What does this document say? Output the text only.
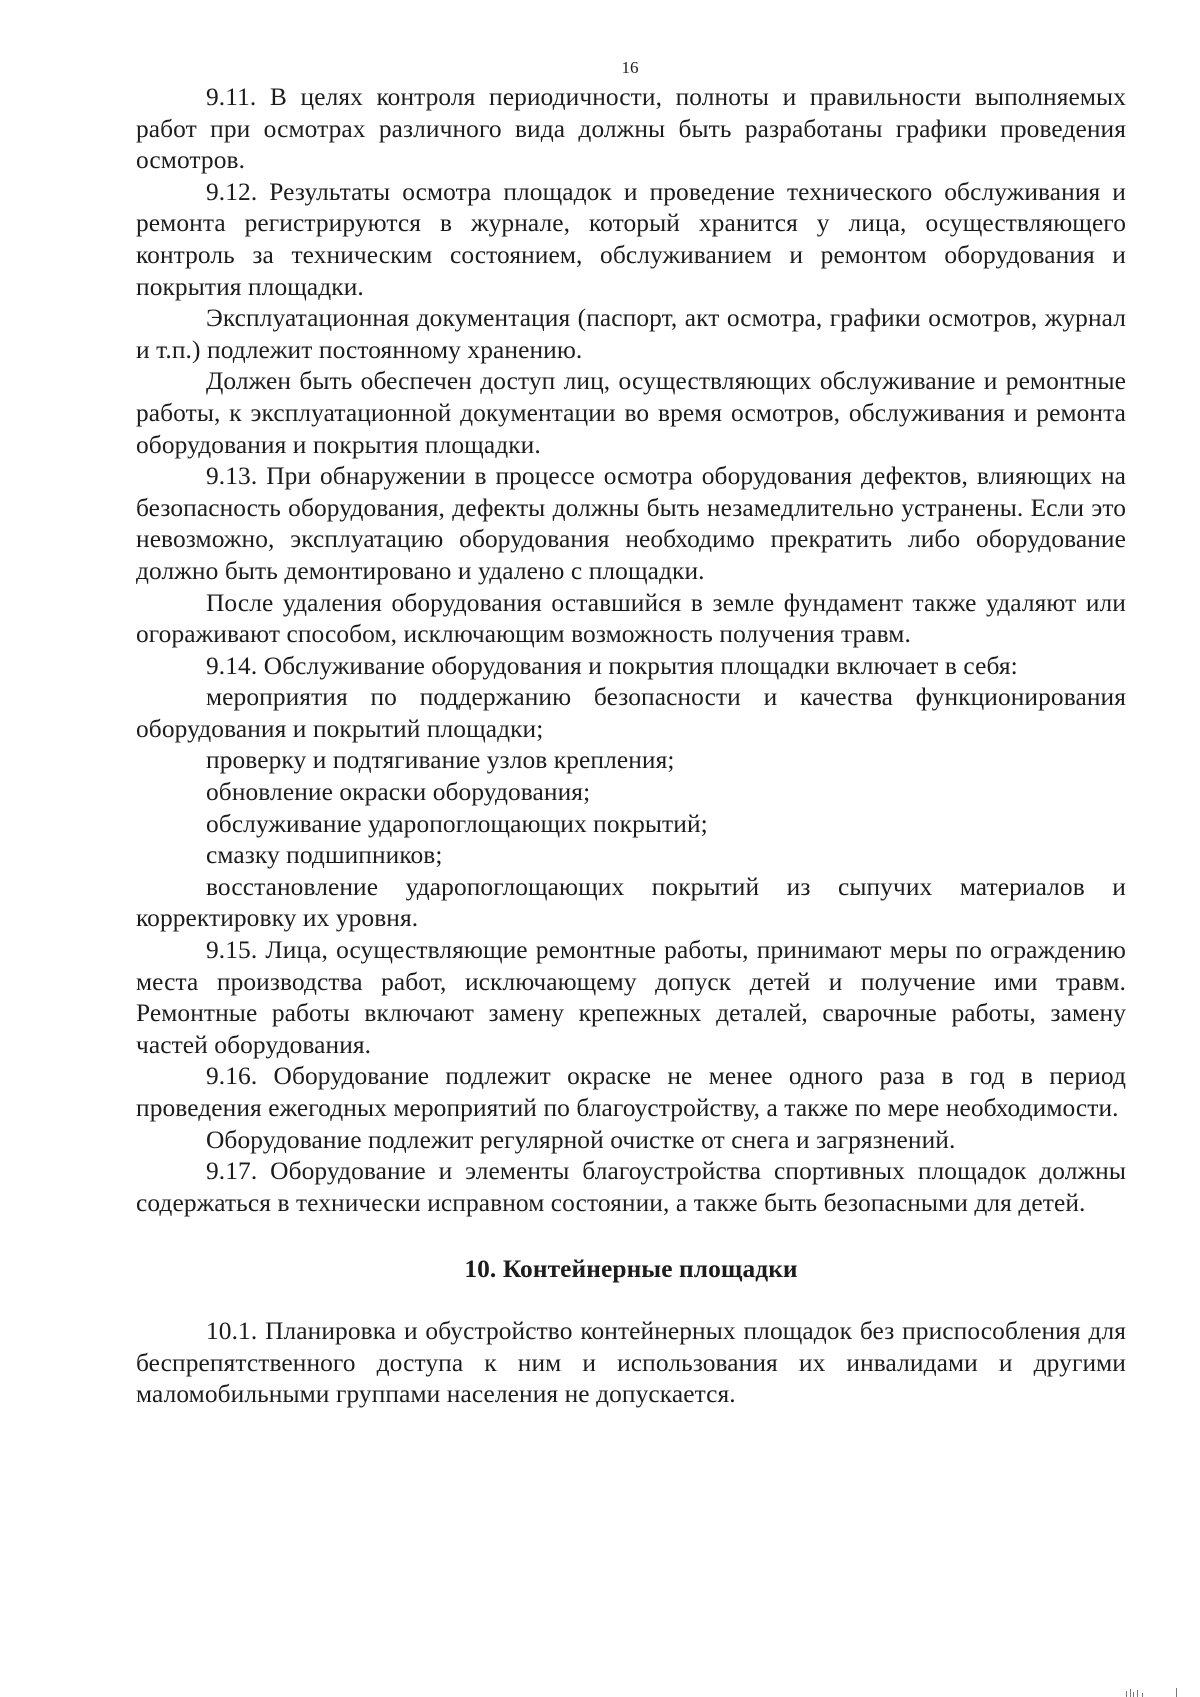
16

9.11. В целях контроля периодичности, полноты и правильности выполняемых работ при осмотрах различного вида должны быть разработаны графики проведения осмотров.

9.12. Результаты осмотра площадок и проведение технического обслуживания и ремонта регистрируются в журнале, который хранится у лица, осуществляющего контроль за техническим состоянием, обслуживанием и ремонтом оборудования и покрытия площадки.

Эксплуатационная документация (паспорт, акт осмотра, графики осмотров, журнал и т.п.) подлежит постоянному хранению.

Должен быть обеспечен доступ лиц, осуществляющих обслуживание и ремонтные работы, к эксплуатационной документации во время осмотров, обслуживания и ремонта оборудования и покрытия площадки.

9.13. При обнаружении в процессе осмотра оборудования дефектов, влияющих на безопасность оборудования, дефекты должны быть незамедлительно устранены. Если это невозможно, эксплуатацию оборудования необходимо прекратить либо оборудование должно быть демонтировано и удалено с площадки.

После удаления оборудования оставшийся в земле фундамент также удаляют или огораживают способом, исключающим возможность получения травм.

9.14. Обслуживание оборудования и покрытия площадки включает в себя:

мероприятия по поддержанию безопасности и качества функционирования оборудования и покрытий площадки;

проверку и подтягивание узлов крепления;

обновление окраски оборудования;

обслуживание ударопоглощающих покрытий;

смазку подшипников;

восстановление ударопоглощающих покрытий из сыпучих материалов и корректировку их уровня.

9.15. Лица, осуществляющие ремонтные работы, принимают меры по ограждению места производства работ, исключающему допуск детей и получение ими травм. Ремонтные работы включают замену крепежных деталей, сварочные работы, замену частей оборудования.

9.16. Оборудование подлежит окраске не менее одного раза в год в период проведения ежегодных мероприятий по благоустройству, а также по мере необходимости.

Оборудование подлежит регулярной очистке от снега и загрязнений.

9.17. Оборудование и элементы благоустройства спортивных площадок должны содержаться в технически исправном состоянии, а также быть безопасными для детей.

10. Контейнерные площадки

10.1. Планировка и обустройство контейнерных площадок без приспособления для беспрепятственного доступа к ним и использования их инвалидами и другими маломобильными группами населения не допускается.
